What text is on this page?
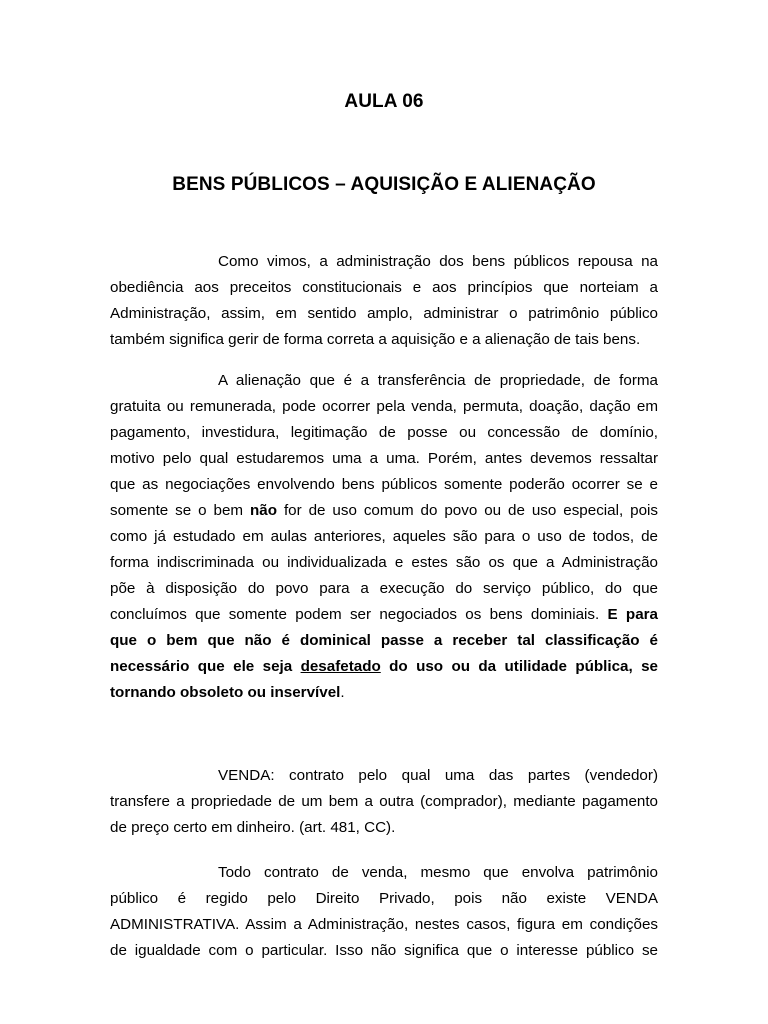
AULA 06
BENS PÚBLICOS – AQUISIÇÃO E ALIENAÇÃO
Como vimos, a administração dos bens públicos repousa na
obediência aos preceitos constitucionais e aos princípios que norteiam a
Administração, assim, em sentido amplo, administrar o patrimônio público
também significa gerir de forma correta a aquisição e a alienação de tais bens.
A alienação que é a transferência de propriedade, de forma
gratuita ou remunerada, pode ocorrer pela venda, permuta, doação, dação em
pagamento, investidura, legitimação de posse ou concessão de domínio,
motivo pelo qual estudaremos uma a uma. Porém, antes devemos ressaltar
que as negociações envolvendo bens públicos somente poderão ocorrer se e
somente se o bem não for de uso comum do povo ou de uso especial, pois
como já estudado em aulas anteriores, aqueles são para o uso de todos, de
forma indiscriminada ou individualizada e estes são os que a Administração
põe à disposição do povo para a execução do serviço público, do que
concluímos que somente podem ser negociados os bens dominiais. E para
que o bem que não é dominical passe a receber tal classificação é
necessário que ele seja desafetado do uso ou da utilidade pública, se
tornando obsoleto ou inservível.
VENDA: contrato pelo qual uma das partes (vendedor)
transfere a propriedade de um bem a outra (comprador), mediante pagamento
de preço certo em dinheiro. (art. 481, CC).
Todo contrato de venda, mesmo que envolva patrimônio
público é regido pelo Direito Privado, pois não existe VENDA
ADMINISTRATIVA. Assim a Administração, nestes casos, figura em condições
de igualdade com o particular. Isso não significa que o interesse público se
